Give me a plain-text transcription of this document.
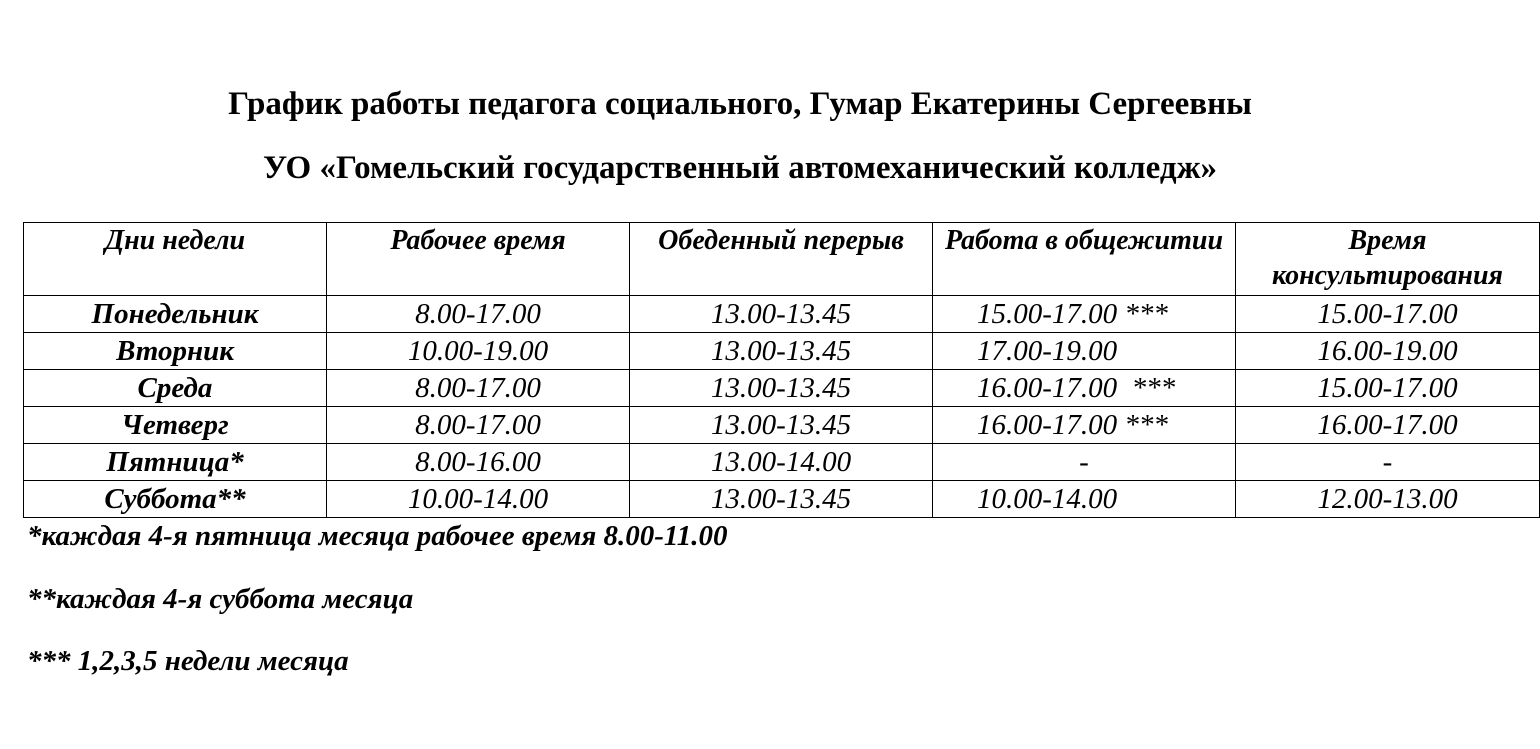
График работы педагога социального, Гумар Екатерины Сергеевны
УО «Гомельский государственный автомеханический колледж»
Дни недели	Рабочее время	Обеденный перерыв	Работа в общежитии	Время консультирования
Понедельник	8.00-17.00	13.00-13.45	15.00-17.00 ***	15.00-17.00
Вторник	10.00-19.00	13.00-13.45	17.00-19.00	16.00-19.00
Среда	8.00-17.00	13.00-13.45	16.00-17.00  ***	15.00-17.00
Четверг	8.00-17.00	13.00-13.45	16.00-17.00 ***	16.00-17.00
Пятница*	8.00-16.00	13.00-14.00	-	-
Суббота**	10.00-14.00	13.00-13.45	10.00-14.00	12.00-13.00
*каждая 4-я пятница месяца рабочее время 8.00-11.00
**каждая 4-я суббота месяца
*** 1,2,3,5 недели месяца
